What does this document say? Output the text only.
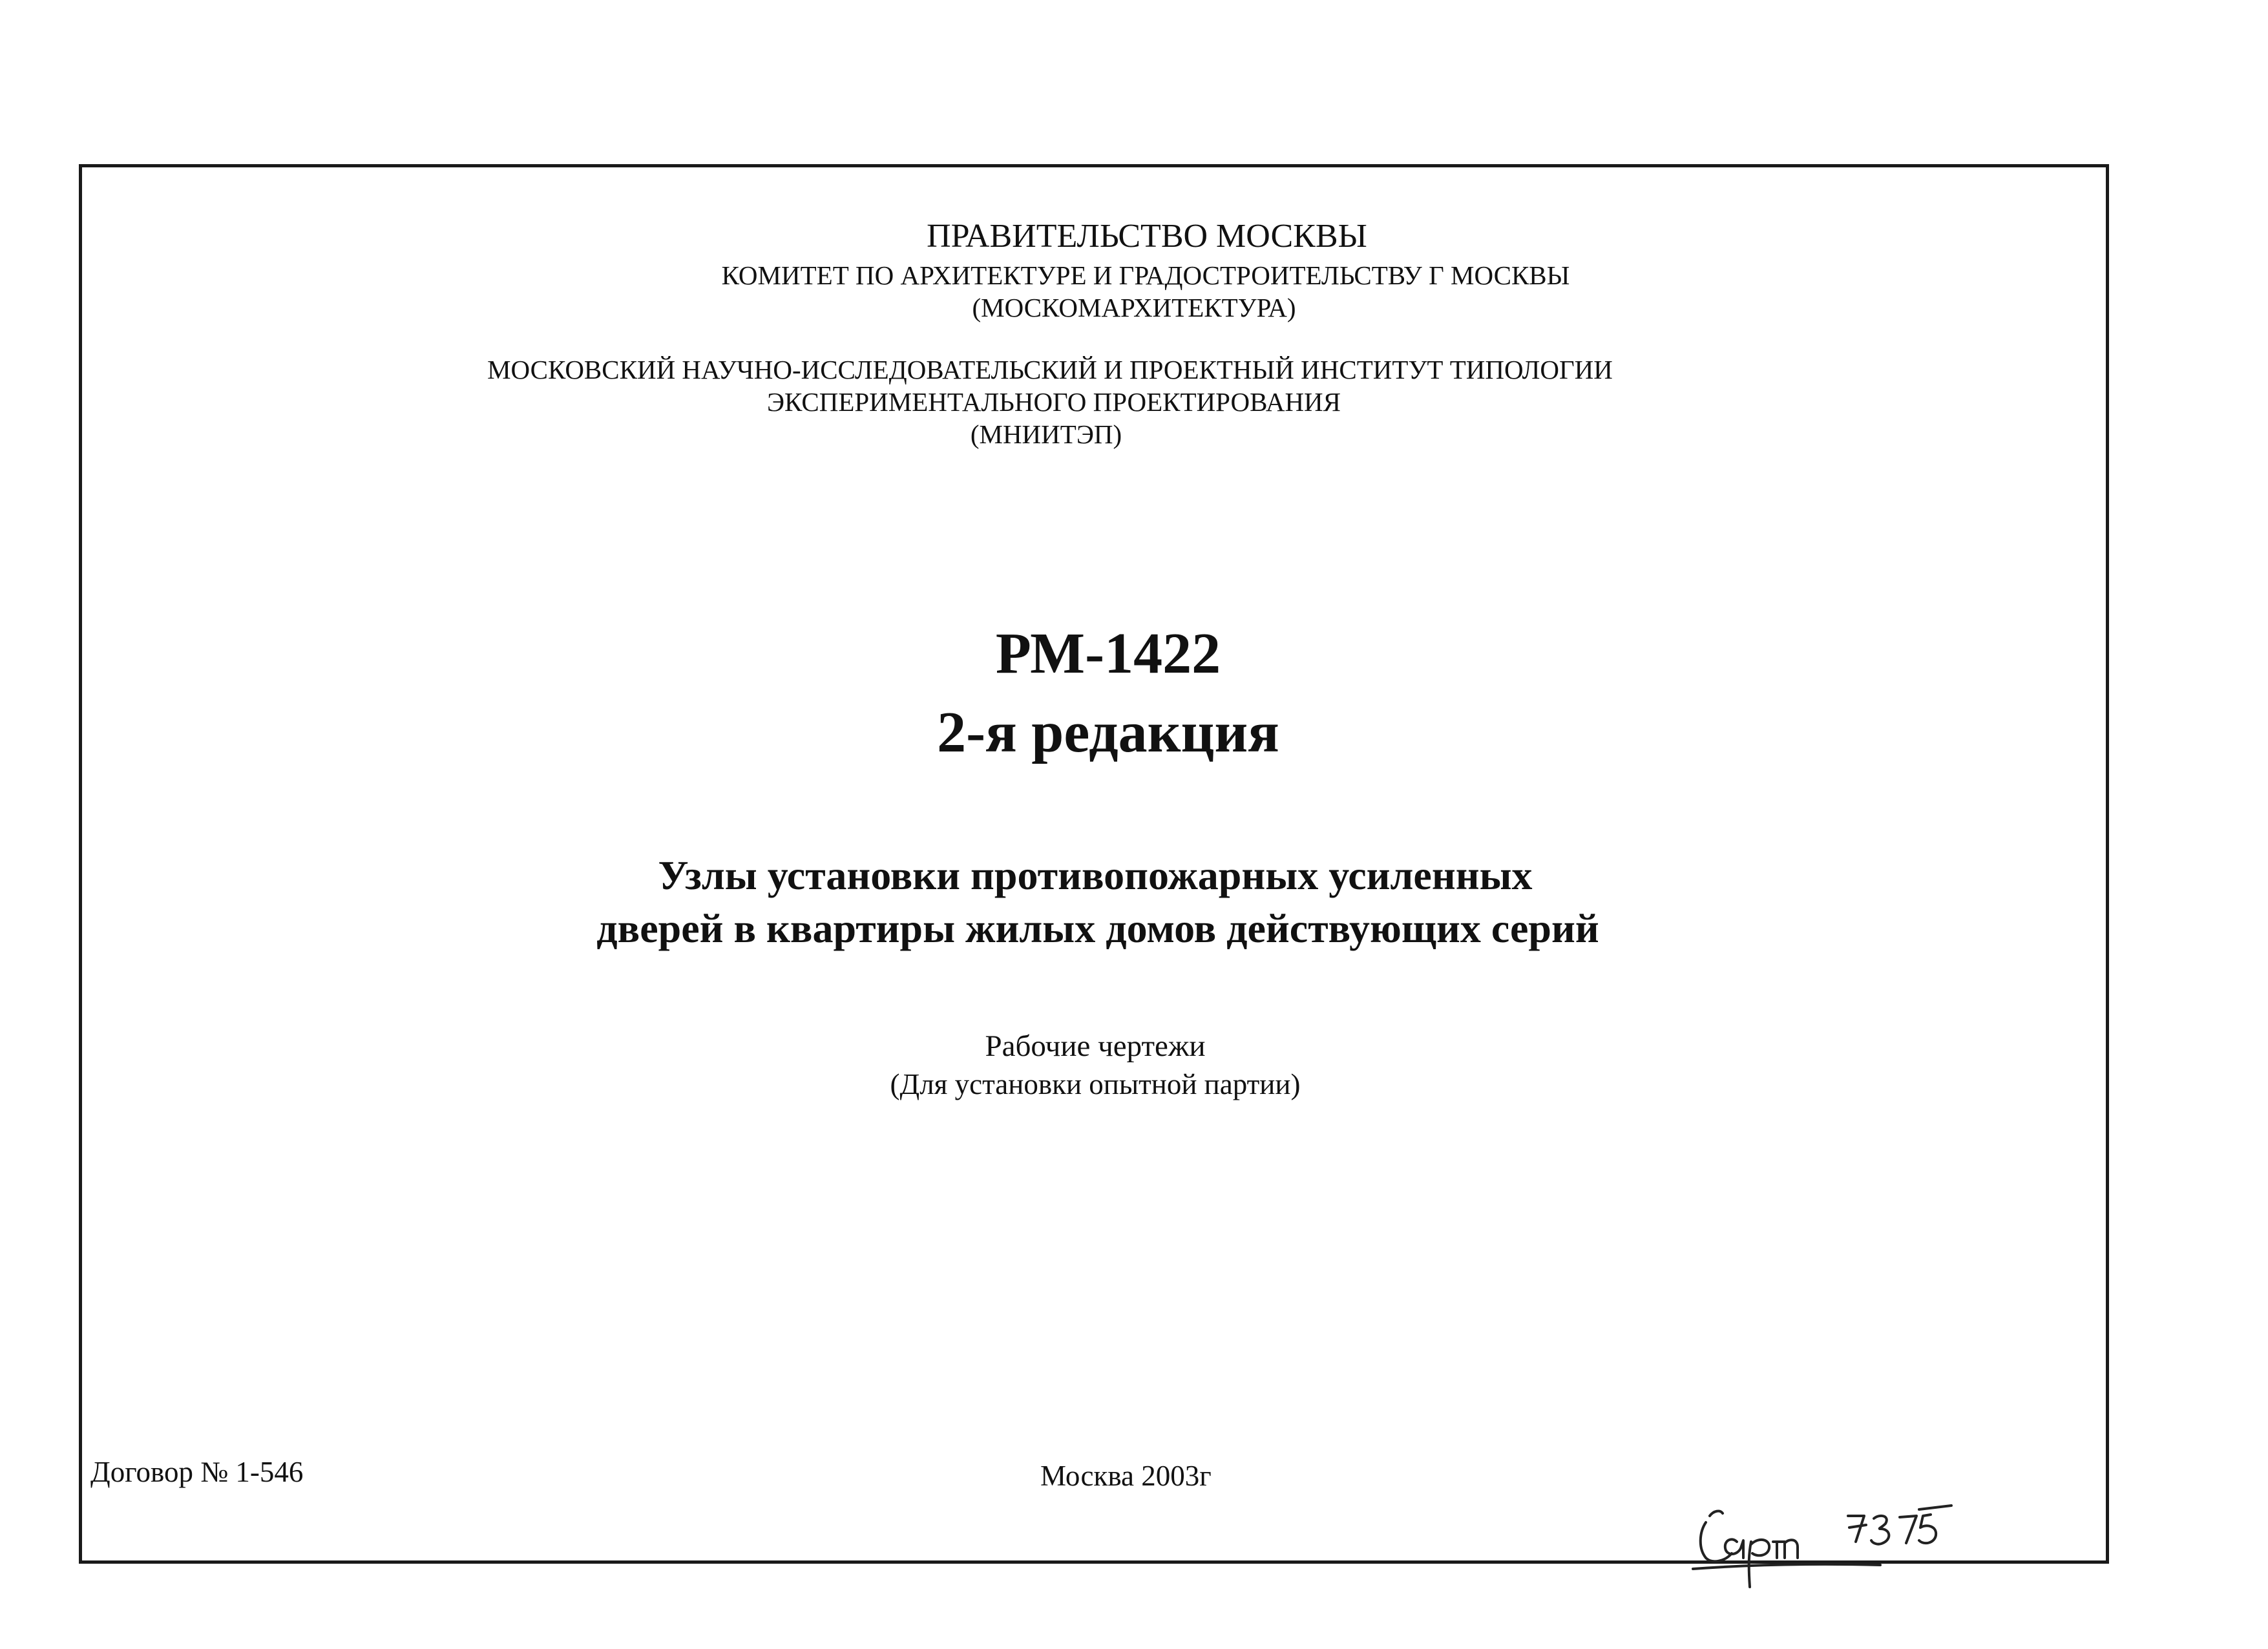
ПРАВИТЕЛЬСТВО МОСКВЫ
КОМИТЕТ ПО АРХИТЕКТУРЕ И ГРАДОСТРОИТЕЛЬСТВУ Г МОСКВЫ
(МОСКОМАРХИТЕКТУРА)
МОСКОВСКИЙ НАУЧНО-ИССЛЕДОВАТЕЛЬСКИЙ И ПРОЕКТНЫЙ ИНСТИТУТ ТИПОЛОГИИ
ЭКСПЕРИМЕНТАЛЬНОГО ПРОЕКТИРОВАНИЯ
(МНИИТЭП)
РМ-1422
2-я редакция
Узлы установки противопожарных усиленных
дверей в квартиры жилых домов действующих серий
Рабочие чертежи
(Для установки опытной партии)
Договор № 1-546	Москва 2003г
